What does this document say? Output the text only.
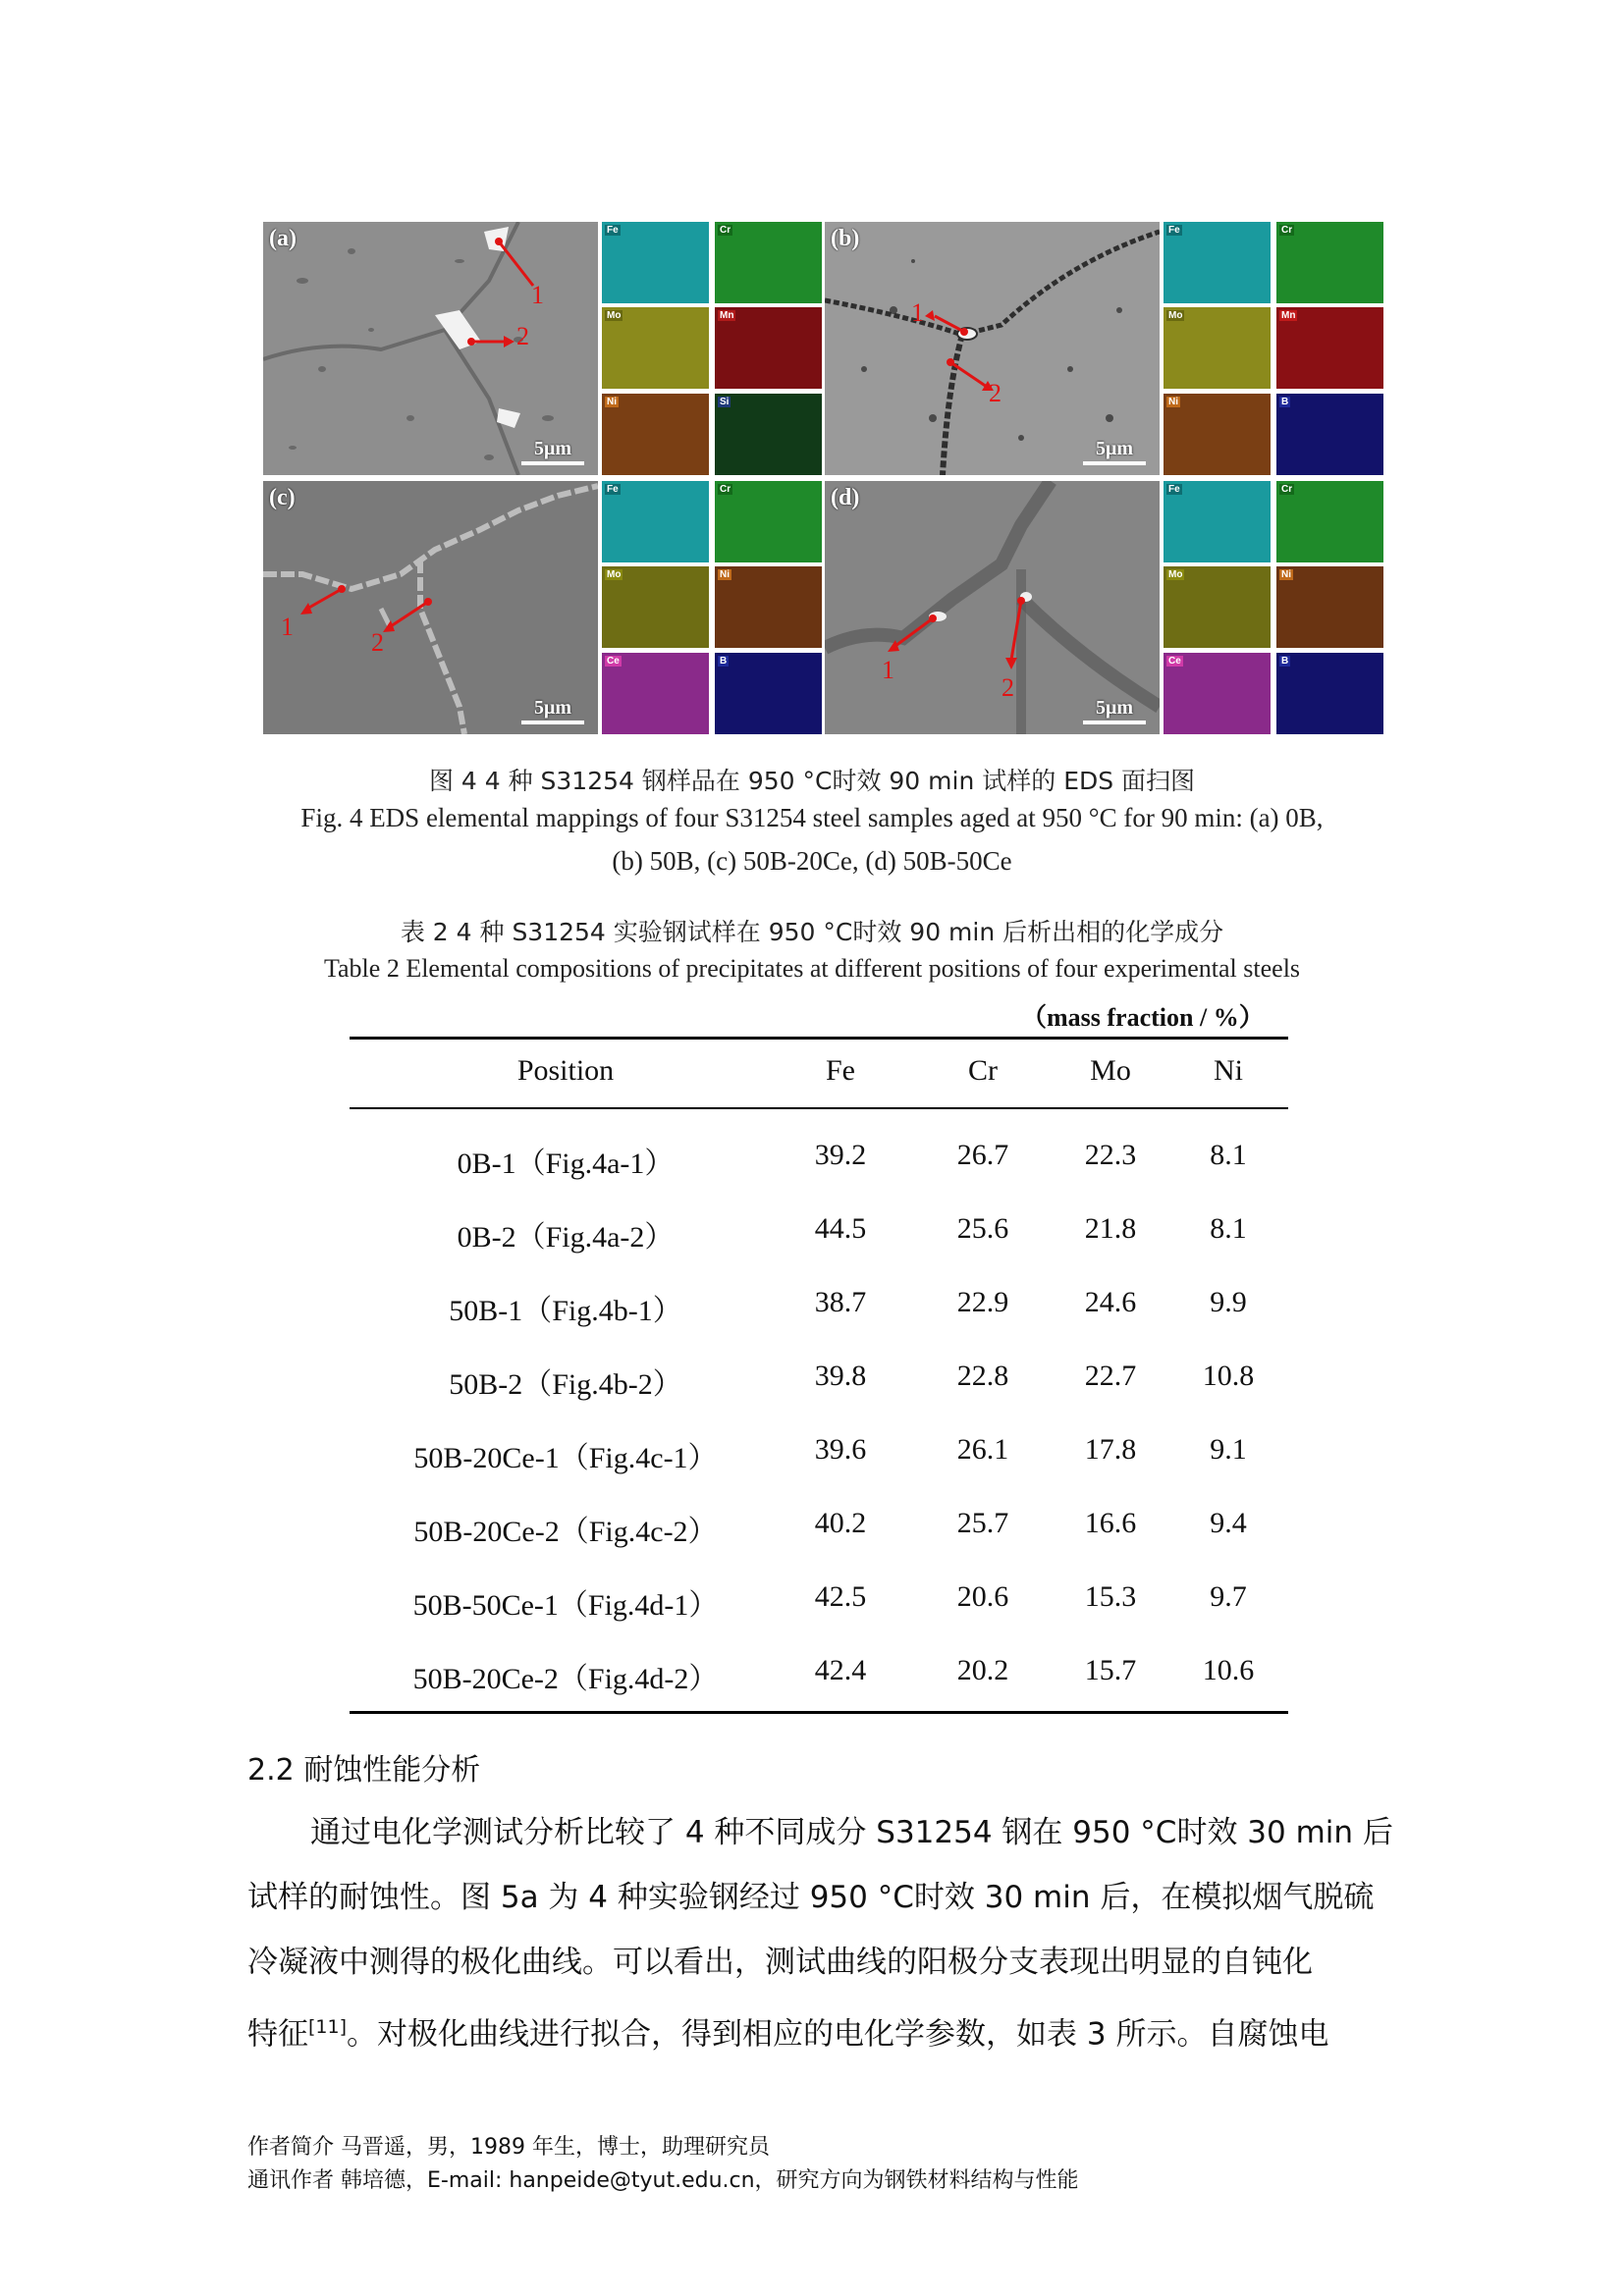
(a)
1
2
5μm
Fe	Cr
Mo	Mn
Ni	Si
(b)
1
2
5μm
Fe	Cr
Mo	Mn
Ni	B
(c)
1
2
5μm
Fe	Cr
Mo	Ni
Ce	B
(d)
1
2
5μm
Fe	Cr
Mo	Ni
Ce	B
图 4 4 种 S31254 钢样品在 950 °C时效 90 min 试样的 EDS 面扫图
Fig. 4 EDS elemental mappings of four S31254 steel samples aged at 950 °C for 90 min: (a) 0B,
(b) 50B, (c) 50B-20Ce, (d) 50B-50Ce
表 2 4 种 S31254 实验钢试样在 950 °C时效 90 min 后析出相的化学成分
Table 2 Elemental compositions of precipitates at different positions of four experimental steels
（mass fraction / %）
Position	Fe	Cr	Mo	Ni
0B-1（Fig.4a-1）	39.2	26.7	22.3	8.1
0B-2（Fig.4a-2）	44.5	25.6	21.8	8.1
50B-1（Fig.4b-1）	38.7	22.9	24.6	9.9
50B-2（Fig.4b-2）	39.8	22.8	22.7	10.8
50B-20Ce-1（Fig.4c-1）	39.6	26.1	17.8	9.1
50B-20Ce-2（Fig.4c-2）	40.2	25.7	16.6	9.4
50B-50Ce-1（Fig.4d-1）	42.5	20.6	15.3	9.7
50B-20Ce-2（Fig.4d-2）	42.4	20.2	15.7	10.6
2.2 耐蚀性能分析
通过电化学测试分析比较了 4 种不同成分 S31254 钢在 950 °C时效 30 min 后
试样的耐蚀性。图 5a 为 4 种实验钢经过 950 °C时效 30 min 后，在模拟烟气脱硫
冷凝液中测得的极化曲线。可以看出，测试曲线的阳极分支表现出明显的自钝化
特征[11]。对极化曲线进行拟合，得到相应的电化学参数，如表 3 所示。自腐蚀电
作者简介 马晋遥，男，1989 年生，博士，助理研究员
通讯作者 韩培德，E-mail: hanpeide@tyut.edu.cn，研究方向为钢铁材料结构与性能
